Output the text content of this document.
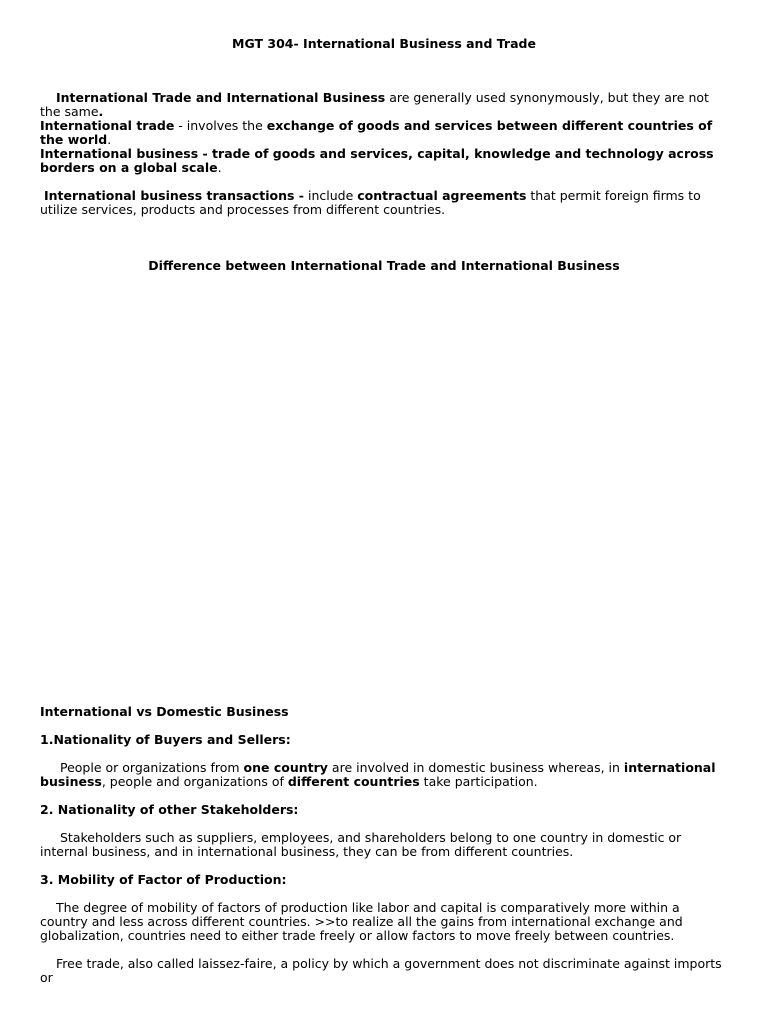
MGT 304- International Business and Trade
International Trade and International Business are generally used synonymously, but they are not the same.
International trade - involves the exchange of goods and services between different countries of the world.
International business - trade of goods and services, capital, knowledge and technology across borders on a global scale.
International business transactions - include contractual agreements that permit foreign firms to utilize services, products and processes from different countries.
Difference between International Trade and International Business
International vs Domestic Business
1.Nationality of Buyers and Sellers:
People or organizations from one country are involved in domestic business whereas, in international business, people and organizations of different countries take participation.
2. Nationality of other Stakeholders:
Stakeholders such as suppliers, employees, and shareholders belong to one country in domestic or internal business, and in international business, they can be from different countries.
3. Mobility of Factor of Production:
The degree of mobility of factors of production like labor and capital is comparatively more within a country and less across different countries. >>to realize all the gains from international exchange and globalization, countries need to either trade freely or allow factors to move freely between countries.
Free trade, also called laissez-faire, a policy by which a government does not discriminate against imports or
